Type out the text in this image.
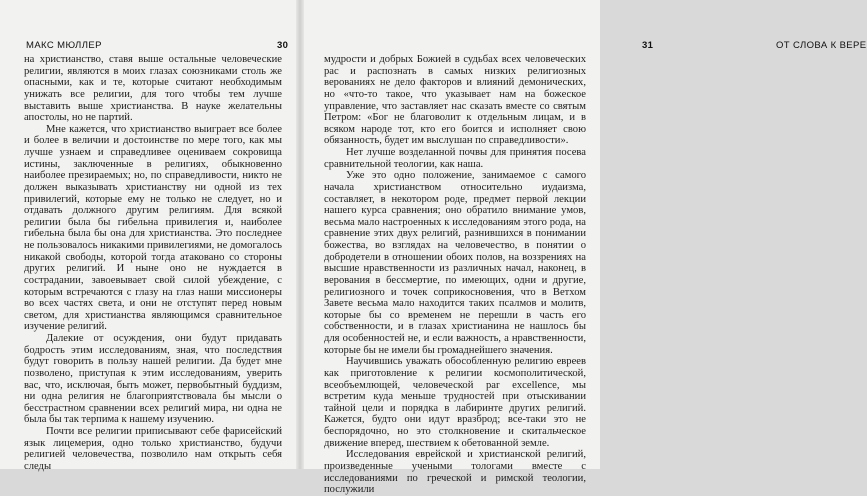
МАКС МЮЛЛЕР	30

на христианство, ставя выше остальные человеческие религии, являются в моих глазах союзниками столь же опасными, как и те, которые считают необходимым унижать все религии, для того чтобы тем лучше выставить выше христианства. В науке желательны апостолы, но не партий.

Мне кажется, что христианство выиграет все более и более в величии и достоинстве по мере того, как мы лучше узнаем и справедливее оцениваем сокровища истины, заключенные в религиях, обыкновенно наиболее презираемых; но, по справедливости, никто не должен выказывать христианству ни одной из тех привилегий, которые ему не только не следует, но и отдавать должного другим религиям. Для всякой религии была бы гибельна привилегия и, наиболее гибельна была бы она для христианства. Это последнее не пользовалось никакими привилегиями, не домогалось никакой свободы, которой тогда атаковано со стороны других религий. И ныне оно не нуждается в сострадании, завоевывает свой силой убеждение, с которым встречаются с глазу на глаз наши миссионеры во всех частях света, и они не отступят перед новым светом, для христианства являющимся сравнительное изучение религий.

Далекие от осуждения, они будут придавать бодрость этим исследованиям, зная, что последствия будут говорить в пользу нашей религии. Да будет мне позволено, приступая к этим исследованиям, уверить вас, что, исключая, быть может, первобытный буддизм, ни одна религия не благоприятствовала бы мысли о бесстрастном сравнении всех религий мира, ни одна не была бы так терпима к нашему изучению.

Почти все религии приписывают себе фарисейский язык лицемерия, одно только христианство, будучи религией человечества, позволило нам открыть себя следы

31	ОТ СЛОВА К ВЕРЕ

мудрости и добрых Божией в судьбах всех человеческих рас и распознать в самых низких религиозных верованиях не дело факторов и влияний демонических, но «что-то такое, что указывает нам на божеское управление, что заставляет нас сказать вместе со святым Петром: «Бог не благоволит к отдельным лицам, и в всяком народе тот, кто его боится и исполняет свою обязанность, будет им выслушан по справедливости».

Нет лучше возделанной почвы для принятия посева сравнительной теологии, как наша.

Уже это одно положение, занимаемое с самого начала христианством относительно иудаизма, составляет, в некотором роде, предмет первой лекции нашего курса сравнения; оно обратило внимание умов, весьма мало настроенных к исследованиям этого рода, на сравнение этих двух религий, разнившихся в понимании божества, во взглядах на человечество, в понятии о добродетели в отношении обоих полов, на воззрениях на высшие нравственности из различных начал, наконец, в верования в бессмертие, по имеющих, одни и другие, религиозного и точек соприкосновения, что в Ветхом Завете весьма мало находится таких псалмов и молитв, которые бы со временем не перешли в часть его собственности, и в глазах христианина не нашлось бы для особенностей не, и если важность, а нравственности, которые бы не имели бы громаднейшего значения.

Научившись уважать обособленную религию евреев как приготовление к религии космополитической, всеобъемлющей, человеческой par excellence, мы встретим куда меньше трудностей при отыскивании тайной цели и порядка в лабиринте других религий. Кажется, будто они идут вразброд; все-таки это не беспорядочно, но это столкновение и скитальческое движение вперед, шествием к обетованной земле.

Исследования еврейской и христианской религий, произведенные учеными тологами вместе с исследованиями по греческой и римской теологии, послужили
